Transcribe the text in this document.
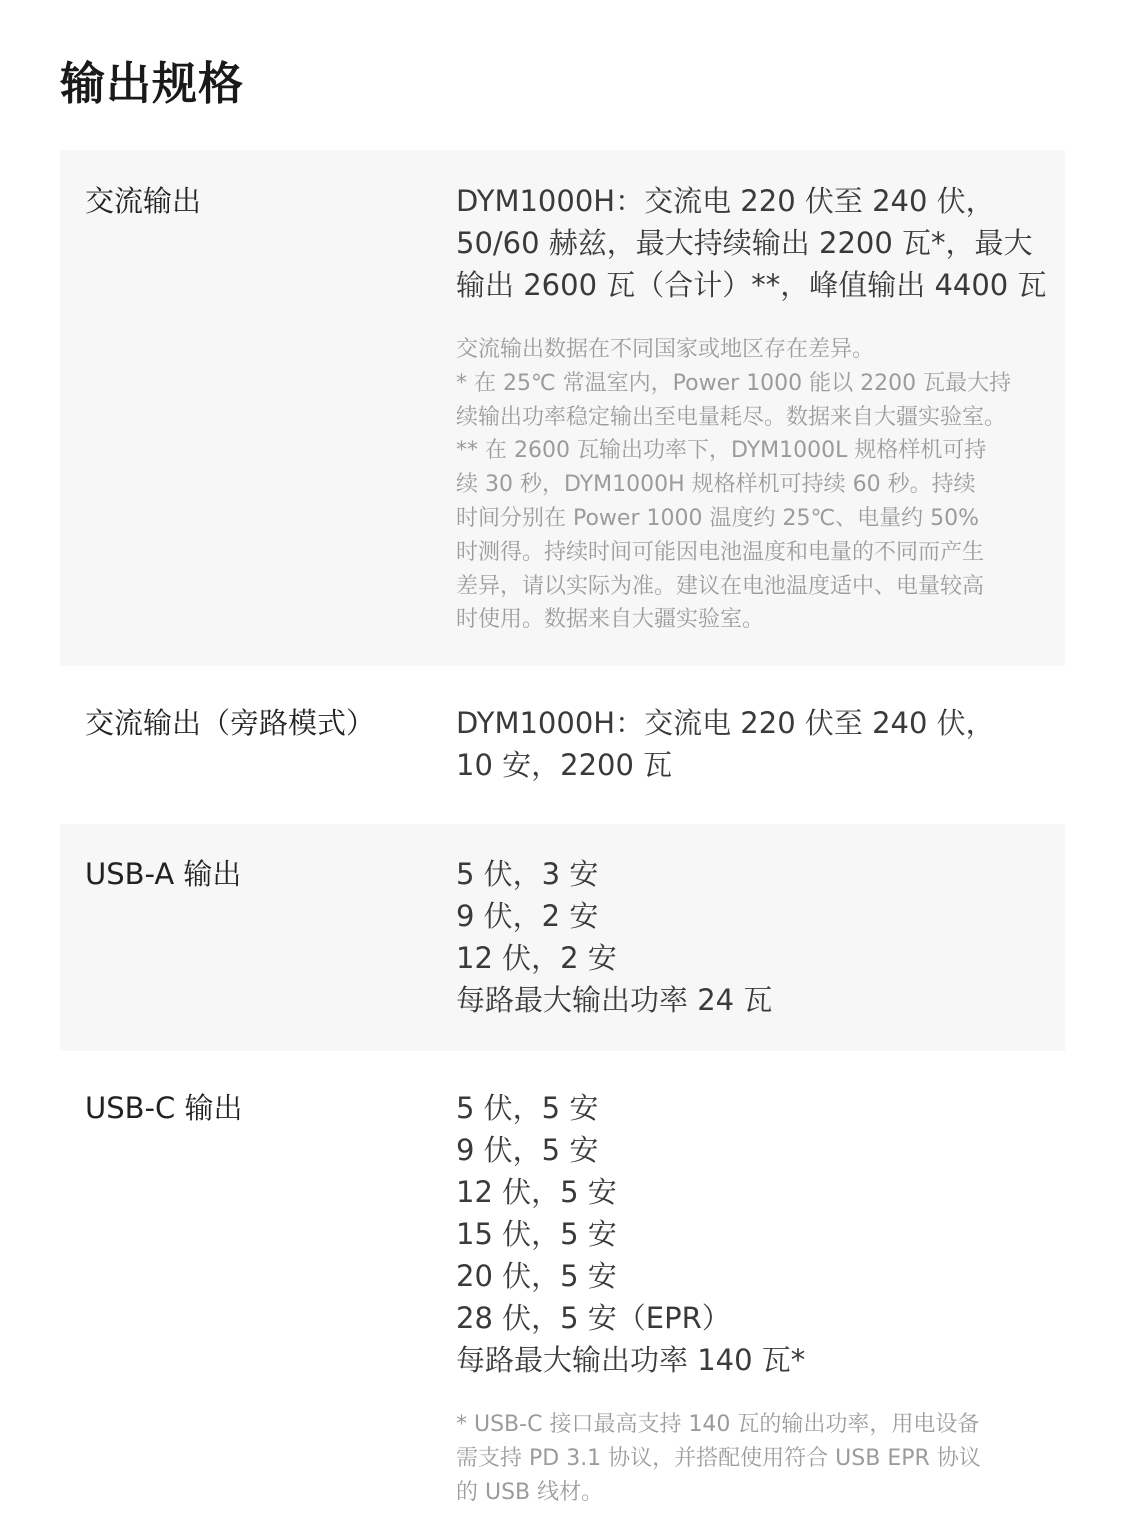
输出规格
交流输出	DYM1000H：交流电 220 伏至 240 伏，
50/60 赫兹，最大持续输出 2200 瓦*，最大
输出 2600 瓦（合计）**，峰值输出 4400 瓦
交流输出数据在不同国家或地区存在差异。
* 在 25℃ 常温室内，Power 1000 能以 2200 瓦最大持
续输出功率稳定输出至电量耗尽。数据来自大疆实验室。
** 在 2600 瓦输出功率下，DYM1000L 规格样机可持
续 30 秒，DYM1000H 规格样机可持续 60 秒。持续
时间分别在 Power 1000 温度约 25℃、电量约 50%
时测得。持续时间可能因电池温度和电量的不同而产生
差异，请以实际为准。建议在电池温度适中、电量较高
时使用。数据来自大疆实验室。
交流输出（旁路模式）	DYM1000H：交流电 220 伏至 240 伏，
10 安，2200 瓦
USB-A 输出	5 伏，3 安
9 伏，2 安
12 伏，2 安
每路最大输出功率 24 瓦
USB-C 输出	5 伏，5 安
9 伏，5 安
12 伏，5 安
15 伏，5 安
20 伏，5 安
28 伏，5 安（EPR）
每路最大输出功率 140 瓦*
* USB-C 接口最高支持 140 瓦的输出功率，用电设备
需支持 PD 3.1 协议，并搭配使用符合 USB EPR 协议
的 USB 线材。
